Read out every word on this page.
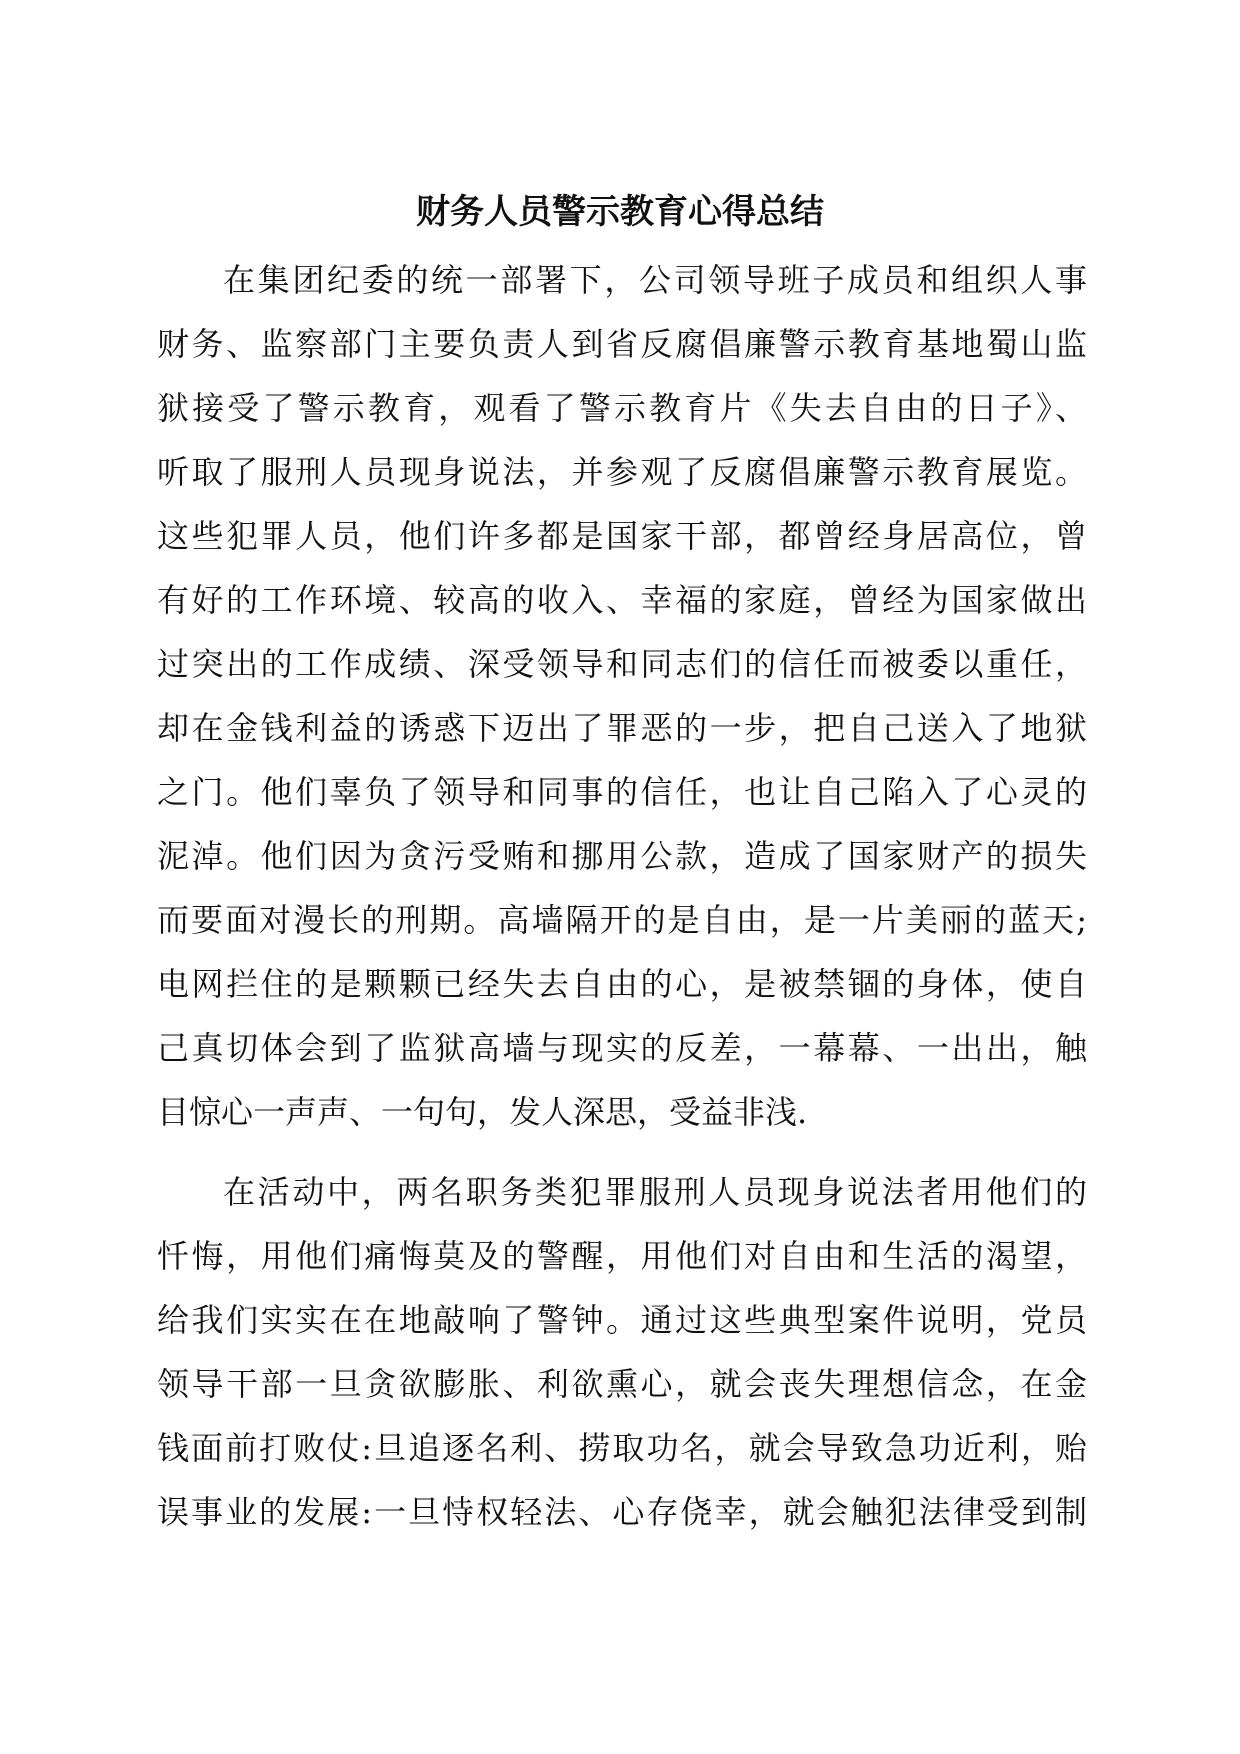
财务人员警示教育心得总结
在集团纪委的统一部署下，公司领导班子成员和组织人事
财务、监察部门主要负责人到省反腐倡廉警示教育基地蜀山监
狱接受了警示教育，观看了警示教育片《失去自由的日子》、
听取了服刑人员现身说法，并参观了反腐倡廉警示教育展览。
这些犯罪人员，他们许多都是国家干部，都曾经身居高位，曾
有好的工作环境、较高的收入、幸福的家庭，曾经为国家做出
过突出的工作成绩、深受领导和同志们的信任而被委以重任，
却在金钱利益的诱惑下迈出了罪恶的一步，把自己送入了地狱
之门。他们辜负了领导和同事的信任，也让自己陷入了心灵的
泥淖。他们因为贪污受贿和挪用公款，造成了国家财产的损失
而要面对漫长的刑期。高墙隔开的是自由，是一片美丽的蓝天;
电网拦住的是颗颗已经失去自由的心，是被禁锢的身体，使自
己真切体会到了监狱高墙与现实的反差，一幕幕、一出出，触
目惊心一声声、一句句，发人深思，受益非浅.
在活动中，两名职务类犯罪服刑人员现身说法者用他们的
忏悔，用他们痛悔莫及的警醒，用他们对自由和生活的渴望，
给我们实实在在地敲响了警钟。通过这些典型案件说明，党员
领导干部一旦贪欲膨胀、利欲熏心，就会丧失理想信念，在金
钱面前打败仗:旦追逐名利、捞取功名，就会导致急功近利，贻
误事业的发展:一旦恃权轻法、心存侥幸，就会触犯法律受到制
